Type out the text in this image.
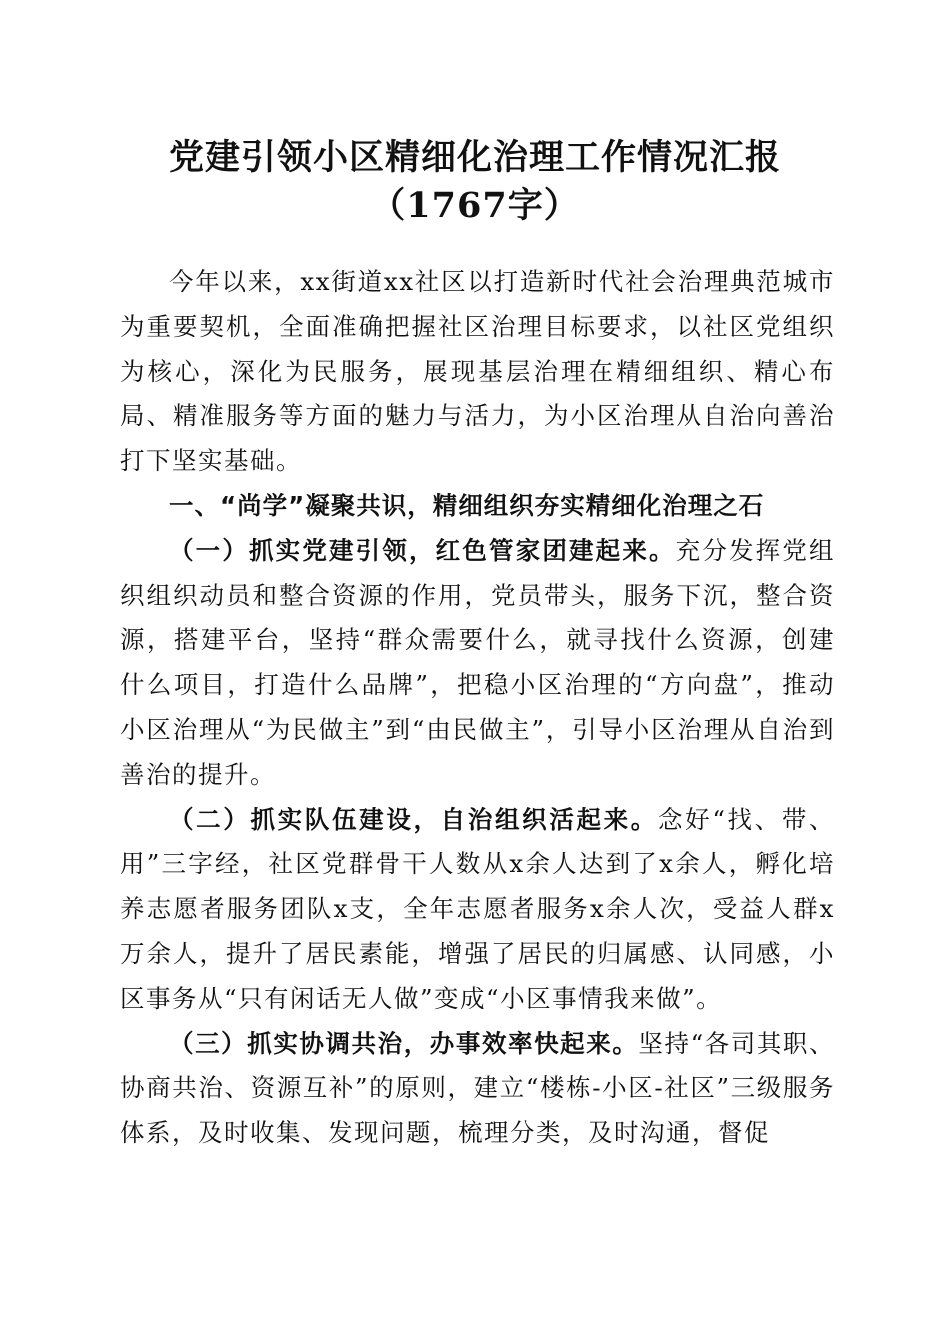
党建引领小区精细化治理工作情况汇报（1767字）

今年以来，xx街道xx社区以打造新时代社会治理典范城市为重要契机，全面准确把握社区治理目标要求，以社区党组织为核心，深化为民服务，展现基层治理在精细组织、精心布局、精准服务等方面的魅力与活力，为小区治理从自治向善治打下坚实基础。

一、“尚学”凝聚共识，精细组织夯实精细化治理之石

（一）抓实党建引领，红色管家团建起来。充分发挥党组织组织动员和整合资源的作用，党员带头，服务下沉，整合资源，搭建平台，坚持“群众需要什么，就寻找什么资源，创建什么项目，打造什么品牌”，把稳小区治理的“方向盘”，推动小区治理从“为民做主”到“由民做主”，引导小区治理从自治到善治的提升。

（二）抓实队伍建设，自治组织活起来。念好“找、带、用”三字经，社区党群骨干人数从x余人达到了x余人，孵化培养志愿者服务团队x支，全年志愿者服务x余人次，受益人群x万余人，提升了居民素能，增强了居民的归属感、认同感，小区事务从“只有闲话无人做”变成“小区事情我来做”。

（三）抓实协调共治，办事效率快起来。坚持“各司其职、协商共治、资源互补”的原则，建立“楼栋-小区-社区”三级服务体系，及时收集、发现问题，梳理分类，及时沟通，督促
